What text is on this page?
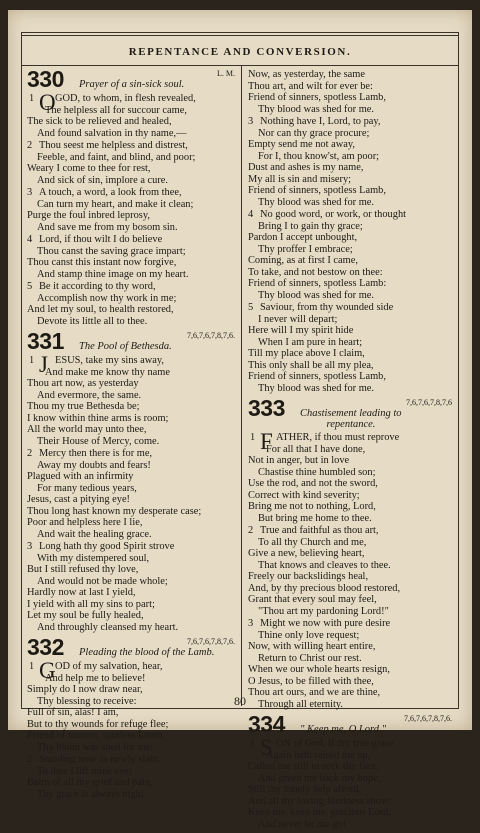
REPENTANCE AND CONVERSION.
330 Prayer of a sin-sick soul.
L. M.
1 O GOD, to whom, in flesh revealed,
The helpless all for succour came,
The sick to be relieved and healed,
And found salvation in thy name,—
2 Thou seest me helpless and distrest,
Feeble, and faint, and blind, and poor;
Weary I come to thee for rest,
And sick of sin, implore a cure.
3 A touch, a word, a look from thee,
Can turn my heart, and make it clean;
Purge the foul inbred leprosy,
And save me from my bosom sin.
4 Lord, if thou wilt I do believe
Thou canst the saving grace impart;
Thou canst this instant now forgive,
And stamp thine image on my heart.
5 Be it according to thy word,
Accomplish now thy work in me;
And let my soul, to health restored,
Devote its little all to thee.
331 The Pool of Bethesda.
7,6,7,6,7,8,7,6.
1 J ESUS, take my sins away,
And make me know thy name
Thou art now, as yesterday
And evermore, the same.
Thou my true Bethesda be;
I know within thine arms is room;
All the world may unto thee,
Their House of Mercy, come.
2 Mercy then there is for me,
Away my doubts and fears!
Plagued with an infirmity
For many tedious years,
Jesus, cast a pitying eye!
Thou long hast known my desperate case;
Poor and helpless here I lie,
And wait the healing grace.
3 Long hath thy good Spirit strove
With my distempered soul,
But I still refused thy love,
And would not be made whole;
Hardly now at last I yield,
I yield with all my sins to part;
Let my soul be fully healed,
And throughly cleansed my heart.
332 Pleading the blood of the Lamb.
7,6,7,6,7,8,7,6.
1 G OD of my salvation, hear,
And help me to believe!
Simply do I now draw near,
Thy blessing to receive:
Full of sin, alas! I am,
But to thy wounds for refuge flee;
Friend of sinners, spotless Lamb,
Thy blood was shed for me.
2 Standing now as newly slain,
To thee I lift mine eye;
Balm of all my grief and pain,
Thy grace is always nigh;
Now, as yesterday, the same
Thou art, and wilt for ever be:
Friend of sinners, spotless Lamb,
Thy blood was shed for me.
3 Nothing have I, Lord, to pay,
Nor can thy grace procure;
Empty send me not away,
For I, thou know'st, am poor;
Dust and ashes is my name,
My all is sin and misery;
Friend of sinners, spotless Lamb,
Thy blood was shed for me.
4 No good word, or work, or thought
Bring I to gain thy grace;
Pardon I accept unbought,
Thy proffer I embrace;
Coming, as at first I came,
To take, and not bestow on thee:
Friend of sinners, spotless Lamb:
Thy blood was shed for me.
5 Saviour, from thy wounded side
I never will depart;
Here will I my spirit hide
When I am pure in heart;
Till my place above I claim,
This only shall be all my plea,
Friend of sinners, spotless Lamb,
Thy blood was shed for me.
333 Chastisement leading to
7,6,7,6,7,8,7,6
repentance.
1 F ATHER, if thou must reprove
For all that I have done,
Not in anger, but in love
Chastise thine humbled son;
Use the rod, and not the sword,
Correct with kind severity;
Bring me not to nothing, Lord,
But bring me home to thee.
2 True and faithful as thou art,
To all thy Church and me,
Give a new, believing heart,
That knows and cleaves to thee.
Freely our backslidings heal,
And, by thy precious blood restored,
Grant that every soul may feel,
"Thou art my pardoning Lord!"
3 Might we now with pure desire
Thine only love request;
Now, with willing heart entire,
Return to Christ our rest.
When we our whole hearts resign,
O Jesus, to be filled with thee,
Thou art ours, and we are thine,
Through all eternity.
334 " Keep me, O Lord."
7,6,7,6,7,8,7,6.
1 S ON of God, if thy free grace
Again hath raised me up,
Called me still to seek thy face,
And given me back my hope;
Still thy timely help afford,
And all thy loving-kindness show:
Keep me, keep me, gracious Lord,
And never let me go!
80
